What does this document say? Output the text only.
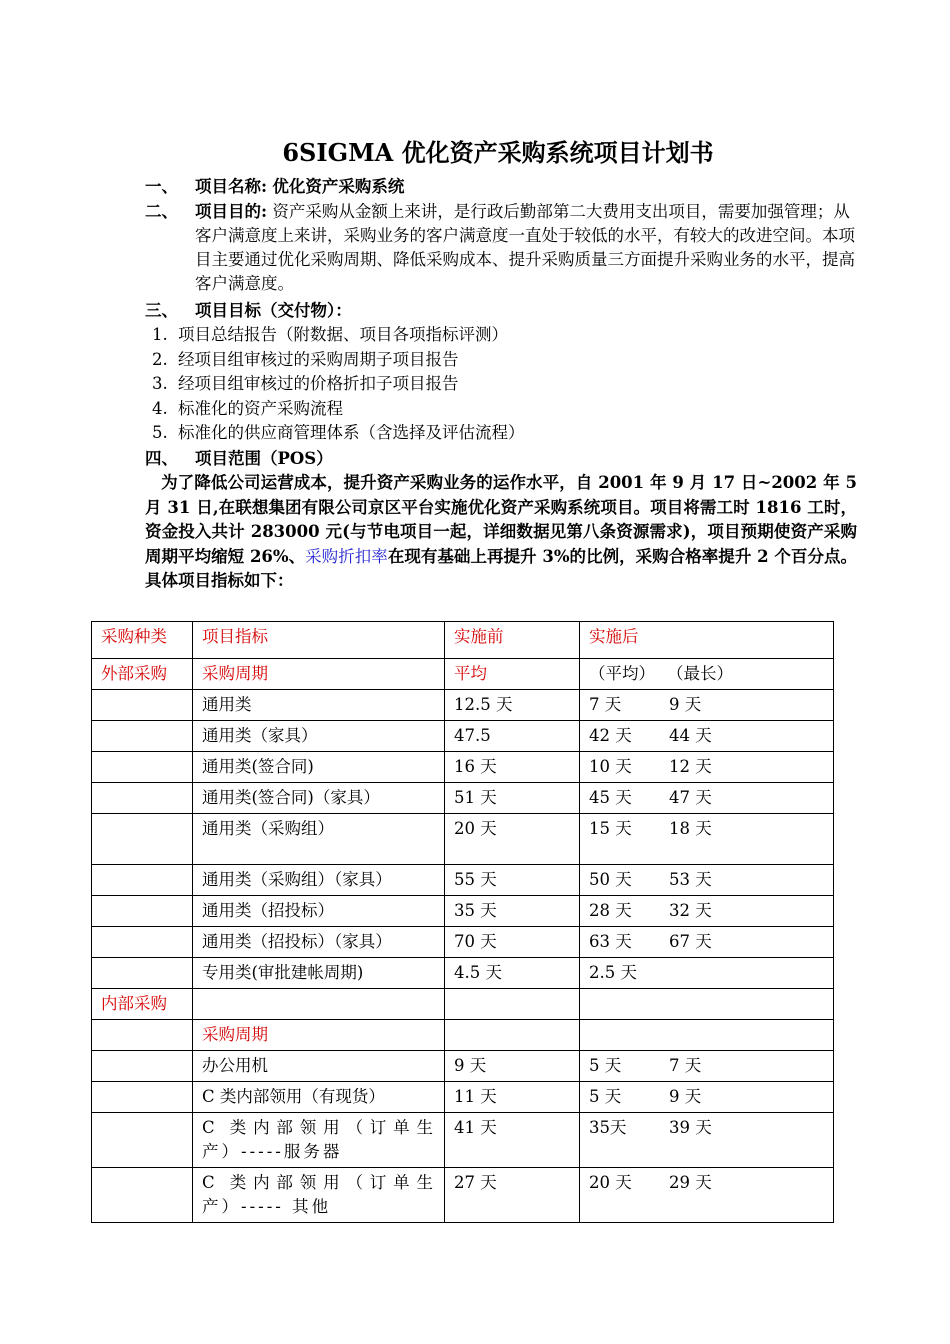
6SIGMA 优化资产采购系统项目计划书
一、 项目名称: 优化资产采购系统
二、 项目目的: 资产采购从金额上来讲，是行政后勤部第二大费用支出项目，需要加强管理；从客户满意度上来讲，采购业务的客户满意度一直处于较低的水平，有较大的改进空间。本项目主要通过优化采购周期、降低采购成本、提升采购质量三方面提升采购业务的水平，提高客户满意度。
三、 项目目标（交付物）：
1. 项目总结报告（附数据、项目各项指标评测）
2. 经项目组审核过的采购周期子项目报告
3. 经项目组审核过的价格折扣子项目报告
4. 标准化的资产采购流程
5. 标准化的供应商管理体系（含选择及评估流程）
四、 项目范围（POS）
为了降低公司运营成本，提升资产采购业务的运作水平，自 2001 年 9 月 17 日~2002 年 5 月 31 日,在联想集团有限公司京区平台实施优化资产采购系统项目。项目将需工时 1816 工时，资金投入共计 283000 元(与节电项目一起，详细数据见第八条资源需求)，项目预期使资产采购周期平均缩短 26%、采购折扣率在现有基础上再提升 3%的比例，采购合格率提升 2 个百分点。具体项目指标如下：
采购种类	项目指标	实施前	实施后
外部采购	采购周期	平均	（平均） （最长）
	通用类	12.5 天	7 天 9 天
	通用类（家具）	47.5	42 天 44 天
	通用类(签合同)	16 天	10 天 12 天
	通用类(签合同)（家具）	51 天	45 天 47 天
	通用类（采购组）	20 天	15 天 18 天
	通用类（采购组）（家具）	55 天	50 天 53 天
	通用类（招投标）	35 天	28 天 32 天
	通用类（招投标）（家具）	70 天	63 天 67 天
	专用类(审批建帐周期)	4.5 天	2.5 天
内部采购			
	采购周期		
	办公用机	9 天	5 天 7 天
	C 类内部领用（有现货）	11 天	5 天 9 天
	C 类内部领用（订单生产）-----服务器	41 天	35天 39 天
	C 类内部领用（订单生产）----- 其他	27 天	20 天 29 天
